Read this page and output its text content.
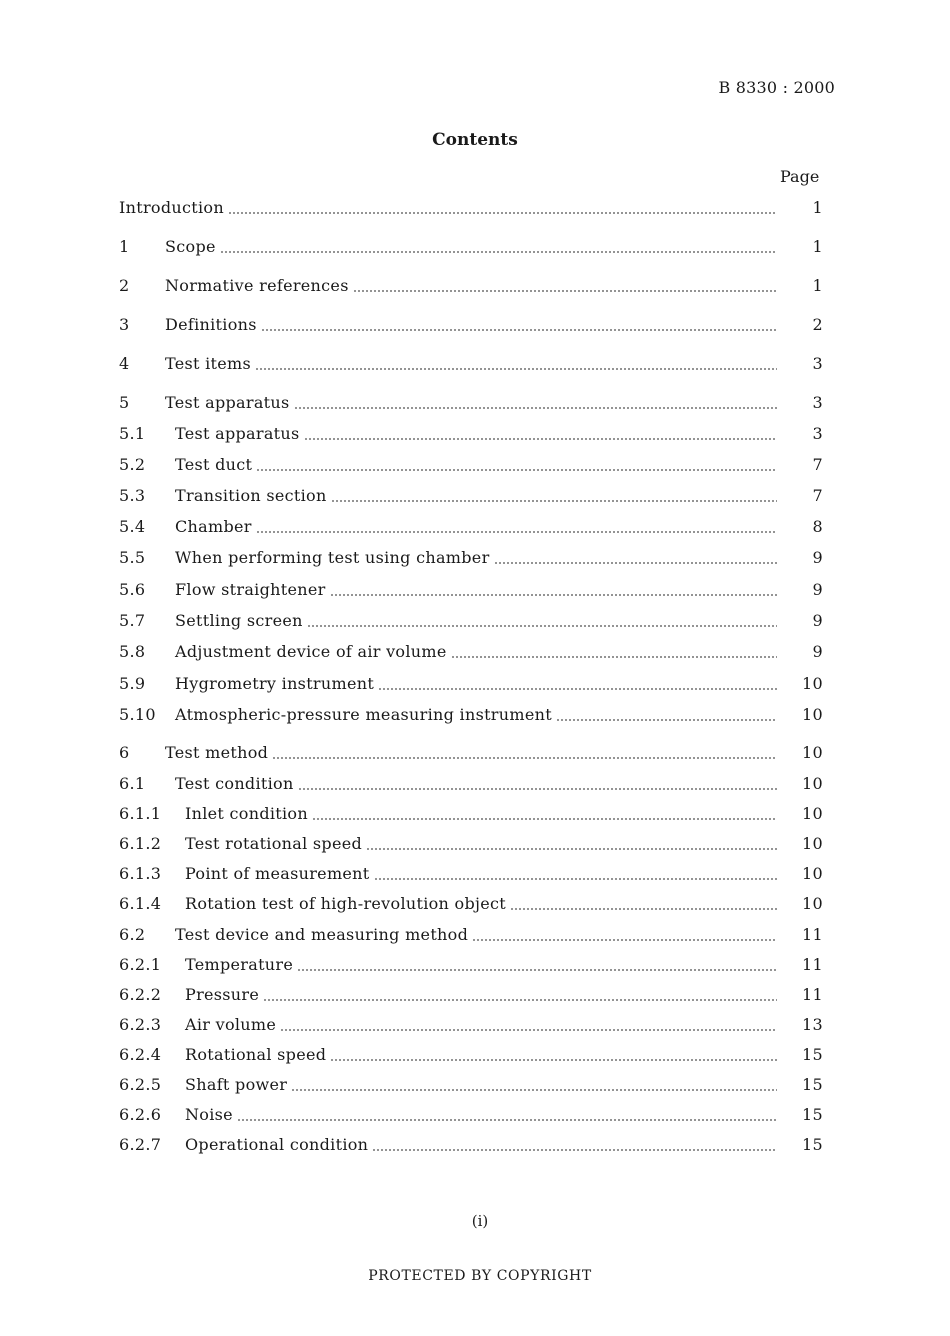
B 8330 : 2000
Contents
Page
Introduction	1
1	Scope	1
2	Normative references	1
3	Definitions	2
4	Test items	3
5	Test apparatus	3
5.1	Test apparatus	3
5.2	Test duct	7
5.3	Transition section	7
5.4	Chamber	8
5.5	When performing test using chamber	9
5.6	Flow straightener	9
5.7	Settling screen	9
5.8	Adjustment device of air volume	9
5.9	Hygrometry instrument	10
5.10	Atmospheric-pressure measuring instrument	10
6	Test method	10
6.1	Test condition	10
6.1.1	Inlet condition	10
6.1.2	Test rotational speed	10
6.1.3	Point of measurement	10
6.1.4	Rotation test of high-revolution object	10
6.2	Test device and measuring method	11
6.2.1	Temperature	11
6.2.2	Pressure	11
6.2.3	Air volume	13
6.2.4	Rotational speed	15
6.2.5	Shaft power	15
6.2.6	Noise	15
6.2.7	Operational condition	15
(i)
PROTECTED BY COPYRIGHT
